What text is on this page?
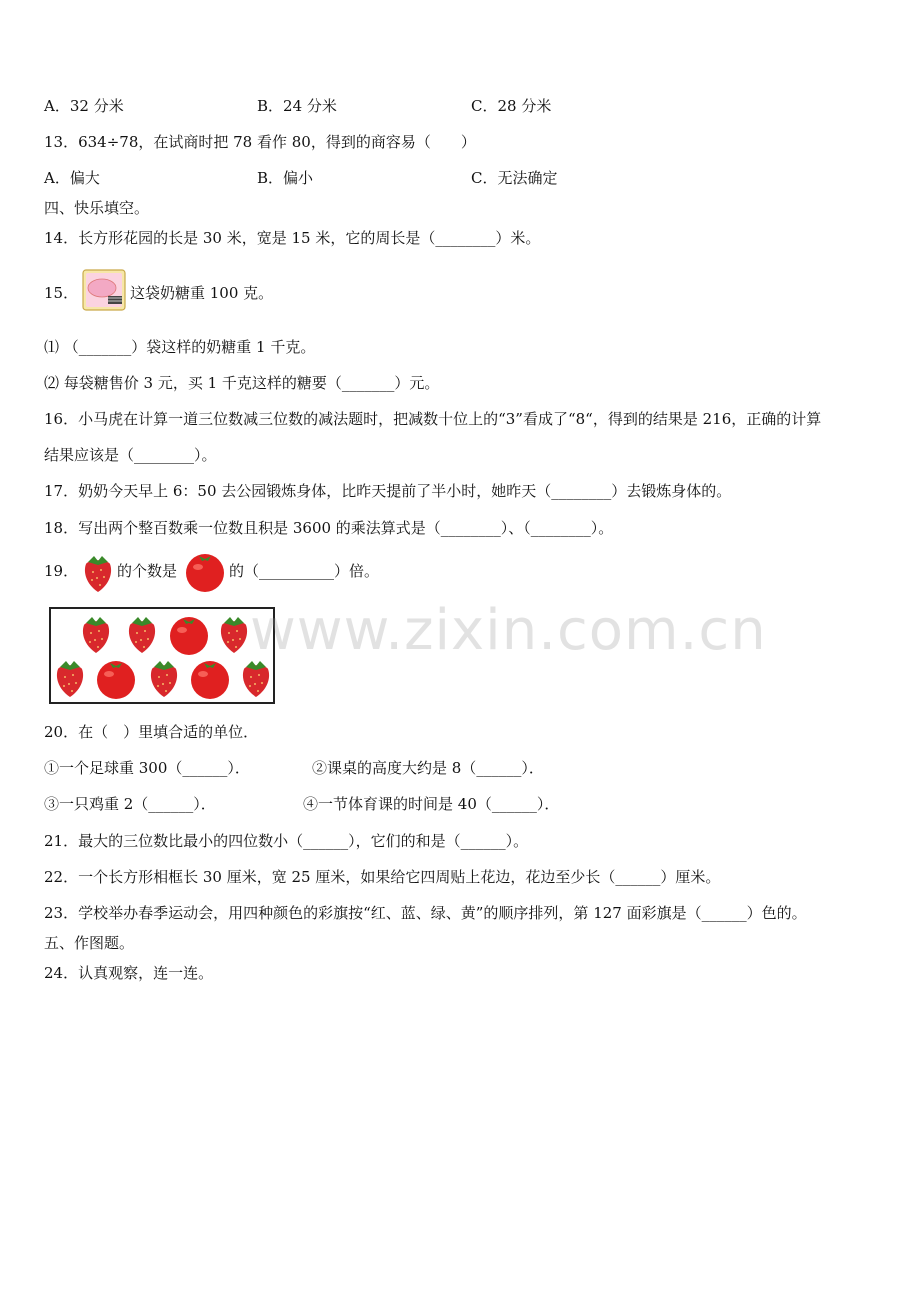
A．32 分米	B．24 分米	C．28 分米
13．634÷78，在试商时把 78 看作 80，得到的商容易（　　）
A．偏大	B．偏小	C．无法确定
四、快乐填空。
14．长方形花园的长是 30 米，宽是 15 米，它的周长是（________）米。
15．	这袋奶糖重 100 克。
⑴ （_______）袋这样的奶糖重 1 千克。
⑵ 每袋糖售价 3 元，买 1 千克这样的糖要（_______）元。
16．小马虎在计算一道三位数减三位数的减法题时，把减数十位上的“3”看成了“8“，得到的结果是 216，正确的计算
结果应该是（________）。
17．奶奶今天早上 6：50 去公园锻炼身体，比昨天提前了半小时，她昨天（________）去锻炼身体的。
18．写出两个整百数乘一位数且积是 3600 的乘法算式是（________）、（________）。
19．	的个数是	的（__________）倍。
www.zixin.com.cn
20．在（　）里填合适的单位．
①一个足球重 300（______）．	②课桌的高度大约是 8（______）．
③一只鸡重 2（______）．	④一节体育课的时间是 40（______）．
21．最大的三位数比最小的四位数小（______），它们的和是（______）。
22．一个长方形相框长 30 厘米，宽 25 厘米，如果给它四周贴上花边，花边至少长（______）厘米。
23．学校举办春季运动会，用四种颜色的彩旗按“红、蓝、绿、黄”的顺序排列，第 127 面彩旗是（______）色的。
五、作图题。
24．认真观察，连一连。
